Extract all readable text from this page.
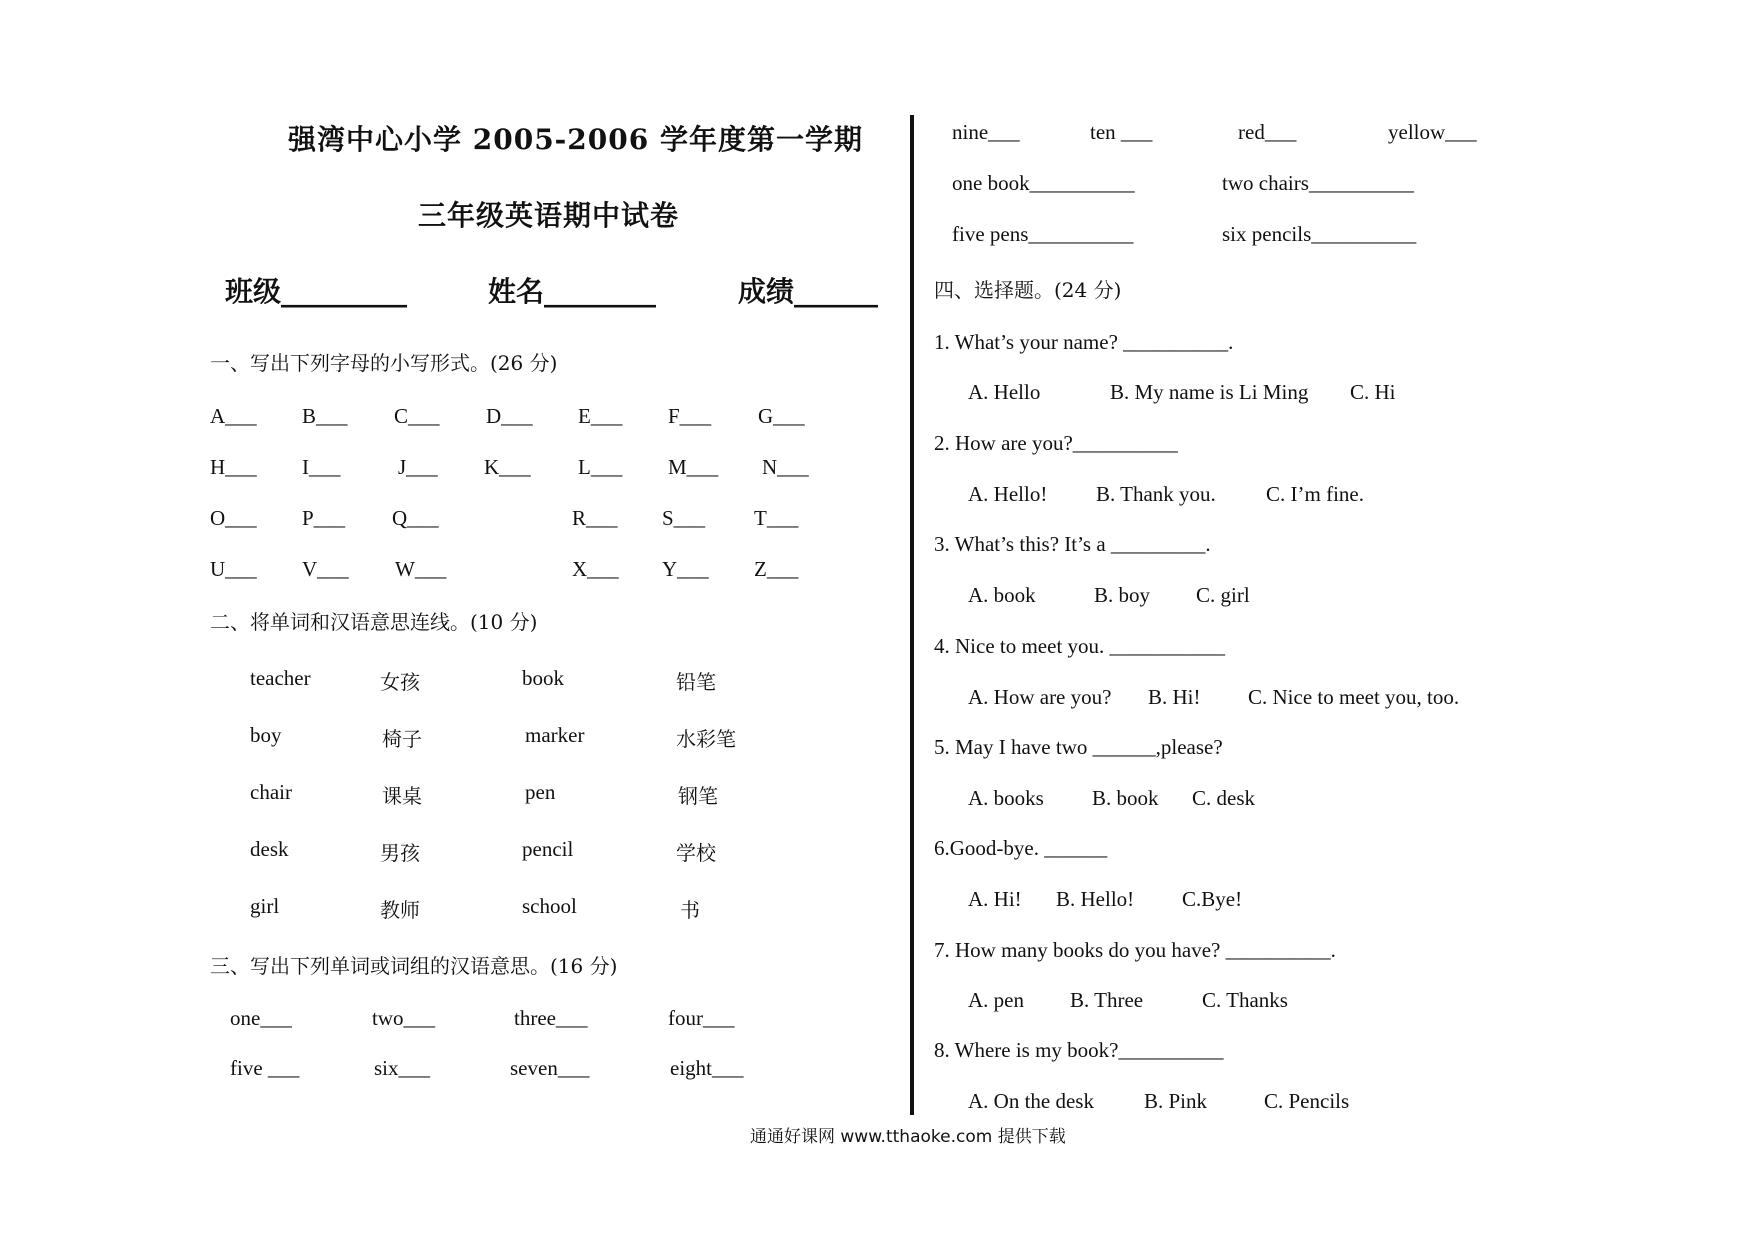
强湾中心小学 2005-2006 学年度第一学期
三年级英语期中试卷
班级_________	姓名________	成绩______
一、写出下列字母的小写形式。(26 分)
A___ B___ C___ D___ E___ F___ G___
H___ I___	J___ K___ L___ M___ N___
O___ P___ Q___	R___ S___ T___
U___ V___ W___	X___ Y___ Z___
二、将单词和汉语意思连线。(10 分)
teacher	女孩	book	铅笔
boy	椅子	marker	水彩笔
chair	课桌	pen	钢笔
desk	男孩	pencil	学校
girl	教师	school	书
三、写出下列单词或词组的汉语意思。(16 分)
one___	two___	three___	four___
five ___	six___	seven___	eight___
nine___	ten ___	red___	yellow___
one book__________	two chairs__________
five pens__________	six pencils__________
四、选择题。(24 分)
1. What’s your name? __________.
A. Hello	B. My name is Li Ming C. Hi
2. How are you?__________
A. Hello! B. Thank you. C. I’m fine.
3. What’s this? It’s a _________.
A. book	B. boy C. girl
4. Nice to meet you. ___________
A. How are you? B. Hi! C. Nice to meet you, too.
5. May I have two ______,please?
A. books B. book C. desk
6.Good-bye. ______
A. Hi! B. Hello! C.Bye!
7. How many books do you have? __________.
A. pen B. Three	C. Thanks
8. Where is my book?__________
A. On the desk B. Pink	C. Pencils
通通好课网 www.tthaoke.com 提供下载
